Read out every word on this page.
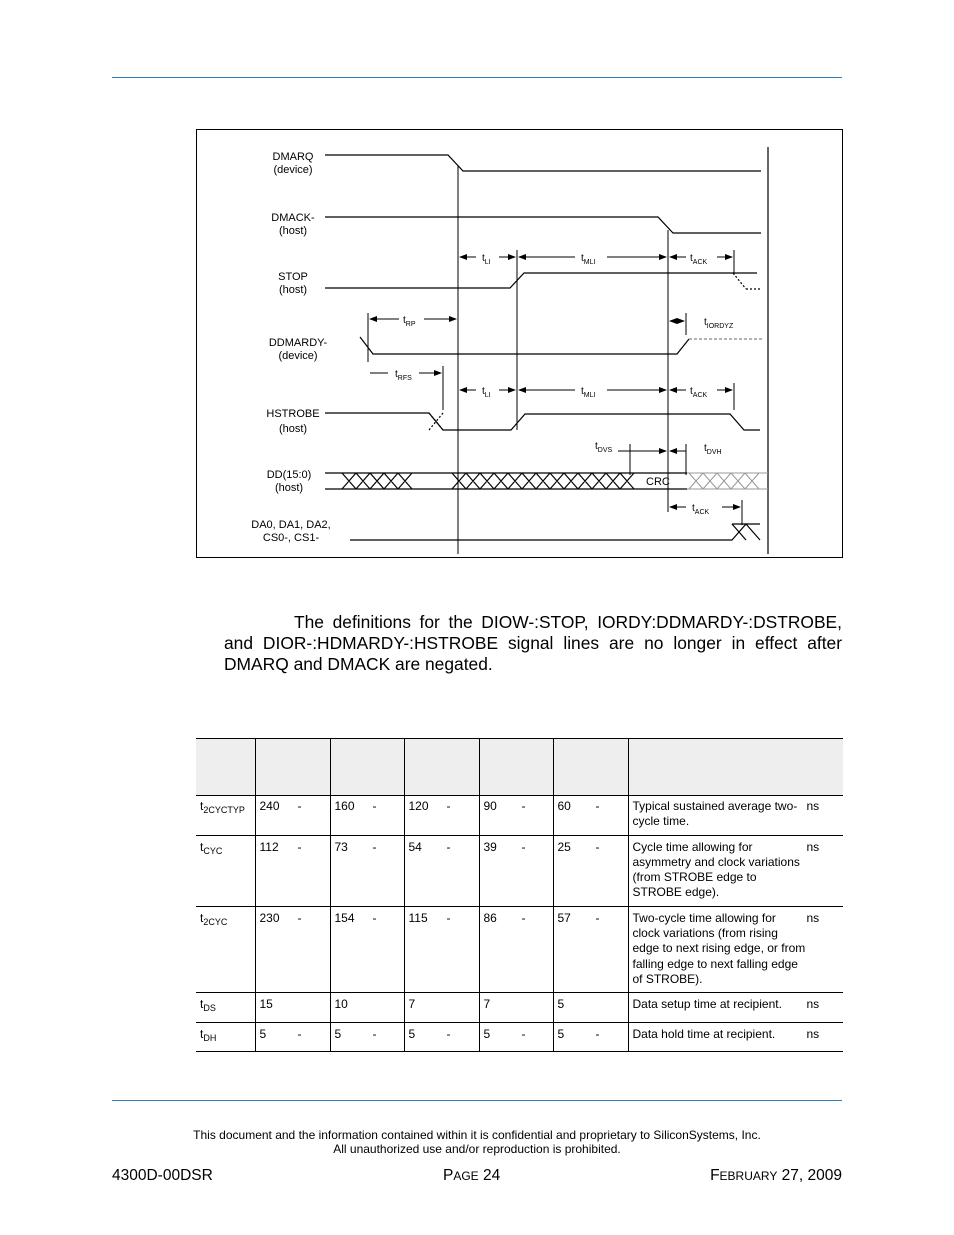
DMARQ
(device)
DMACK-
(host)
STOP
(host)
DDMARDY-
(device)
HSTROBE
(host)
DD(15:0)
(host)
DA0, DA1, DA2,
CS0-, CS1-
$t_{LI}$	$t_{MLI}$	$t_{ACK}$
$t_{RP}$	$t_{IORDYZ}$
$t_{RFS}$
$t_{LI}$	$t_{MLI}$	$t_{ACK}$
$t_{DVS}$	$t_{DVH}$
$t_{ACK}$
CRC
The definitions for the DIOW-:STOP, IORDY:DDMARDY-:DSTROBE, and DIOR-:HDMARDY-:HSTROBE signal lines are no longer in effect after DMARQ and DMACK are negated.

$t_{2CYCTYP}$	240 -	160 -	120 -	90 -	60 -	Typical sustained average two-cycle time.
ns

$t_{CYC}$	112 -	73 -	54 -	39 -	25 -	Cycle time allowing for asymmetry and clock variations (from STROBE edge to STROBE edge).
ns

$t_{2CYC}$	230 -	154 -	115 -	86 -	57 -	Two-cycle time allowing for clock variations (from rising edge to next rising edge, or from falling edge to next falling edge of STROBE).
ns

$t_{DS}$	15	10	7	7	5	Data setup time at recipient. ns

$t_{DH}$	5 -	5 -	5 -	5 -	5 -	Data hold time at recipient. ns
This document and the information contained within it is confidential and proprietary to SiliconSystems, Inc.
All unauthorized use and/or reproduction is prohibited.
4300D-00DSR	PAGE 24	FEBRUARY 27, 2009
